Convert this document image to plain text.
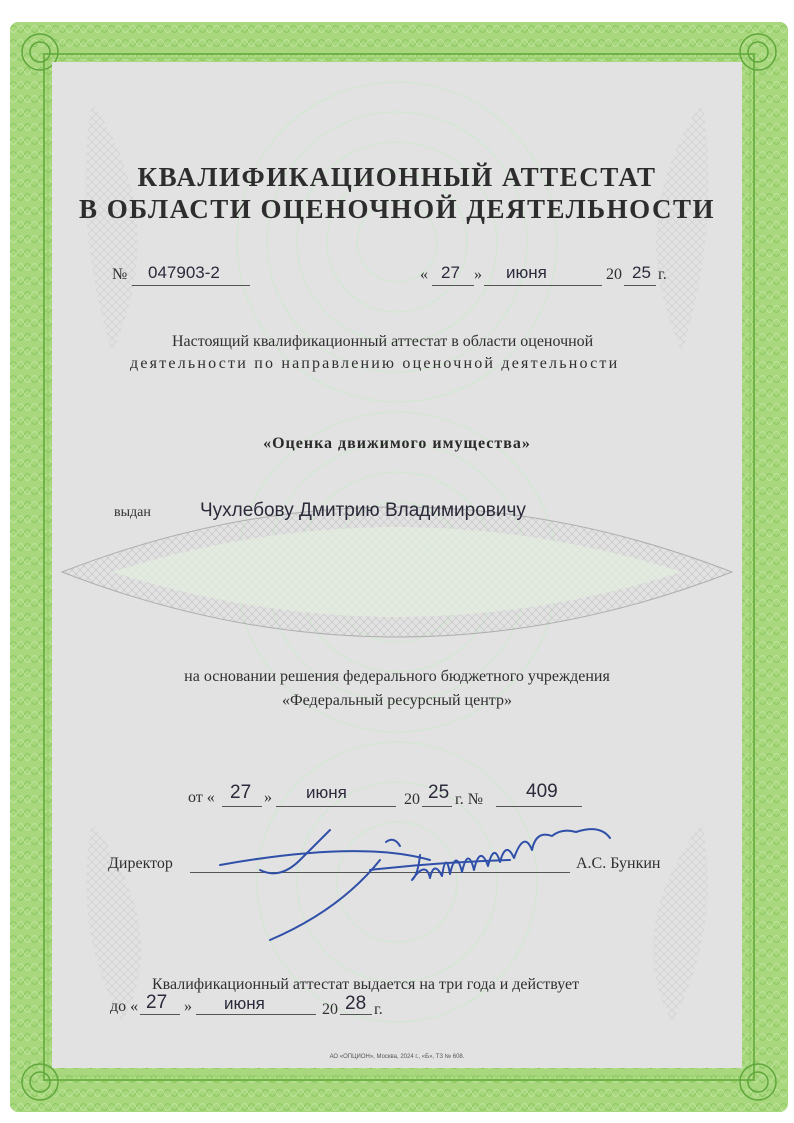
КВАЛИФИКАЦИОННЫЙ АТТЕСТАТ
В ОБЛАСТИ ОЦЕНОЧНОЙ ДЕЯТЕЛЬНОСТИ
№ 047903-2	« 27 » июня	20 25 г.
Настоящий квалификационный аттестат в области оценочной
деятельности по направлению оценочной деятельности
«Оценка движимого имущества»
выдан	Чухлебову Дмитрию Владимировичу
на основании решения федерального бюджетного учреждения
«Федеральный ресурсный центр»
от « 27 » июня	20 25 г. № 409
Директор	А.С. Бункин
Квалификационный аттестат выдается на три года и действует
до « 27 » июня	20 28 г.
АО «ОПЦИОН», Москва, 2024 г., «Б», ТЗ № 608.
